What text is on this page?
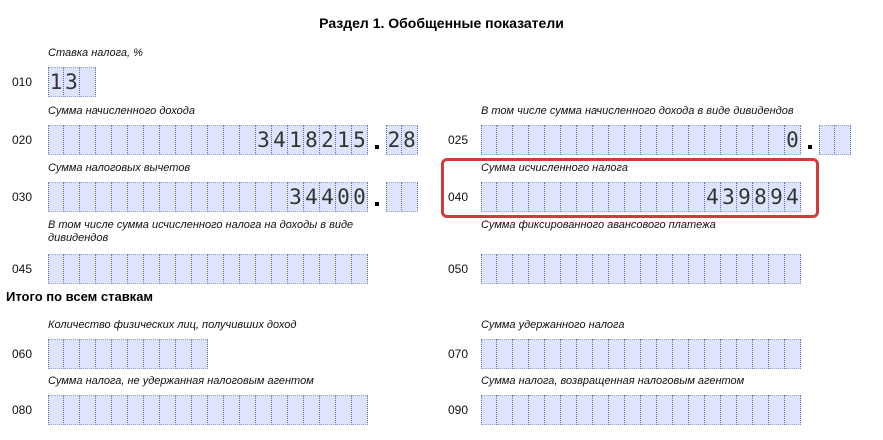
Раздел 1. Обобщенные показатели
Итого по всем ставкам
Ставка налога, %
010 1 3
Сумма начисленного дохода
020	3 4 1 8 2 1 5 2 8
В том числе сумма начисленного дохода в виде дивидендов
025	0
Сумма налоговых вычетов
030	3 4 4 0 0
Сумма исчисленного налога
040	4 3 9 8 9 4
В том числе сумма исчисленного налога на доходы в виде дивидендов
045
Сумма фиксированного авансового платежа
050
Количество физических лиц, получивших доход
060
Сумма удержанного налога
070
Сумма налога, не удержанная налоговым агентом
080
Сумма налога, возвращенная налоговым агентом
090
